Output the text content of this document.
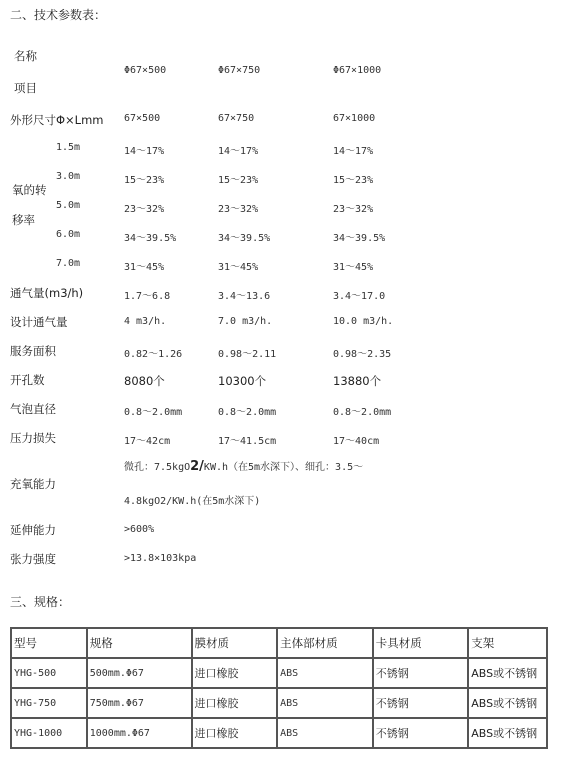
二、技术参数表：
名称
项目
Φ67×500	Φ67×750	Φ67×1000
外形尺寸Φ×Lmm 67×500	67×750	67×1000
氧的转
移率
1.5m	14～17%	14～17%	14～17%
3.0m	15～23%	15～23%	15～23%
5.0m	23～32%	23～32%	23～32%
6.0m	34～39.5%	34～39.5%	34～39.5%
7.0m	31～45%	31～45%	31～45%
通气量(m3/h)	1.7～6.8	3.4～13.6	3.4～17.0
设计通气量	4 m3/h.	7.0 m3/h.	10.0 m3/h.
服务面积	0.82～1.26	0.98～2.11	0.98～2.35
开孔数	8080个	10300个	13880个
气泡直径	0.8～2.0mm	0.8～2.0mm	0.8～2.0mm
压力损失	17～42cm	17～41.5cm	17～40cm
充氧能力
微孔：7.5kgO2/KW.h（在5m水深下）、细孔：3.5～
4.8kgO2/KW.h(在5m水深下)
延伸能力	>600%
张力强度	>13.8×103kpa
三、规格：
型号	规格	膜材质	主体部材质	卡具材质	支架
YHG-500	500mm.Φ67	进口橡胶	ABS	不锈钢	ABS或不锈钢
YHG-750	750mm.Φ67	进口橡胶	ABS	不锈钢	ABS或不锈钢
YHG-1000	1000mm.Φ67	进口橡胶	ABS	不锈钢	ABS或不锈钢
